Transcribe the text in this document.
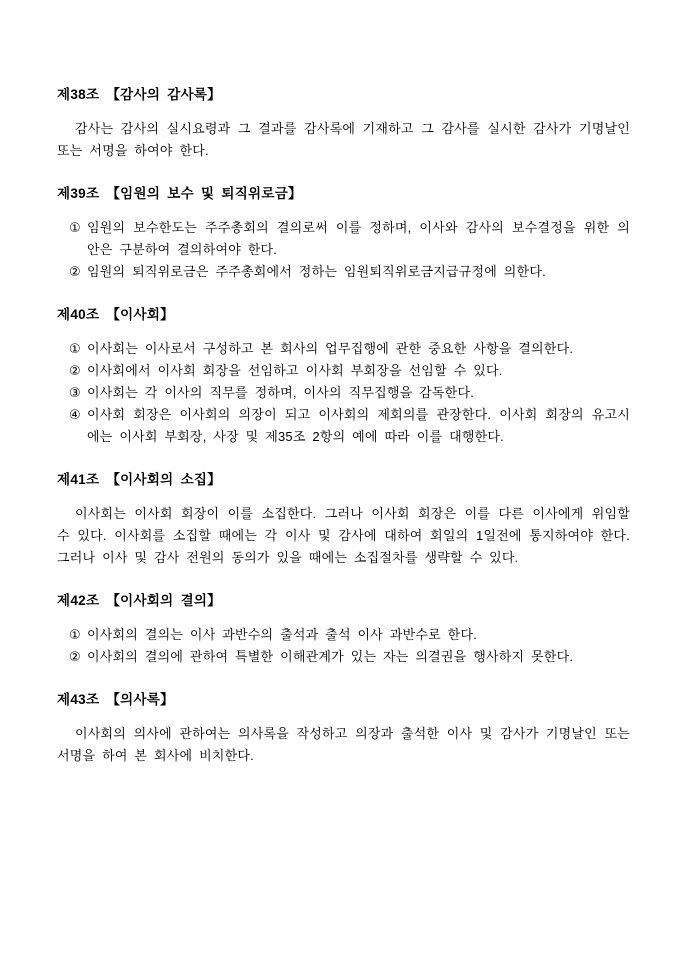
제38조 【감사의 감사록】

감사는 감사의 실시요령과 그 결과를 감사록에 기재하고 그 감사를 실시한 감사가 기명날인 또는 서명을 하여야 한다.

제39조 【임원의 보수 및 퇴직위로금】
① 임원의 보수한도는 주주총회의 결의로써 이를 정하며, 이사와 감사의 보수결정을 위한 의안은 구분하여 결의하여야 한다.
② 임원의 퇴직위로금은 주주총회에서 정하는 임원퇴직위로금지급규정에 의한다.
제40조 【이사회】
① 이사회는 이사로서 구성하고 본 회사의 업무집행에 관한 중요한 사항을 결의한다.
② 이사회에서 이사회 회장을 선임하고 이사회 부회장을 선임할 수 있다.
③ 이사회는 각 이사의 직무를 정하며, 이사의 직무집행을 감독한다.
④ 이사회 회장은 이사회의 의장이 되고 이사회의 제회의를 관장한다. 이사회 회장의 유고시에는 이사회 부회장, 사장 및 제35조 2항의 예에 따라 이를 대행한다.
제41조 【이사회의 소집】

이사회는 이사회 회장이 이를 소집한다. 그러나 이사회 회장은 이를 다른 이사에게 위임할 수 있다. 이사회를 소집할 때에는 각 이사 및 감사에 대하여 회일의 1일전에 통지하여야 한다. 그러나 이사 및 감사 전원의 동의가 있을 때에는 소집절차를 생략할 수 있다.

제42조 【이사회의 결의】
① 이사회의 결의는 이사 과반수의 출석과 출석 이사 과반수로 한다.
② 이사회의 결의에 관하여 특별한 이해관계가 있는 자는 의결권을 행사하지 못한다.
제43조 【의사록】

이사회의 의사에 관하여는 의사록을 작성하고 의장과 출석한 이사 및 감사가 기명날인 또는 서명을 하여 본 회사에 비치한다.
